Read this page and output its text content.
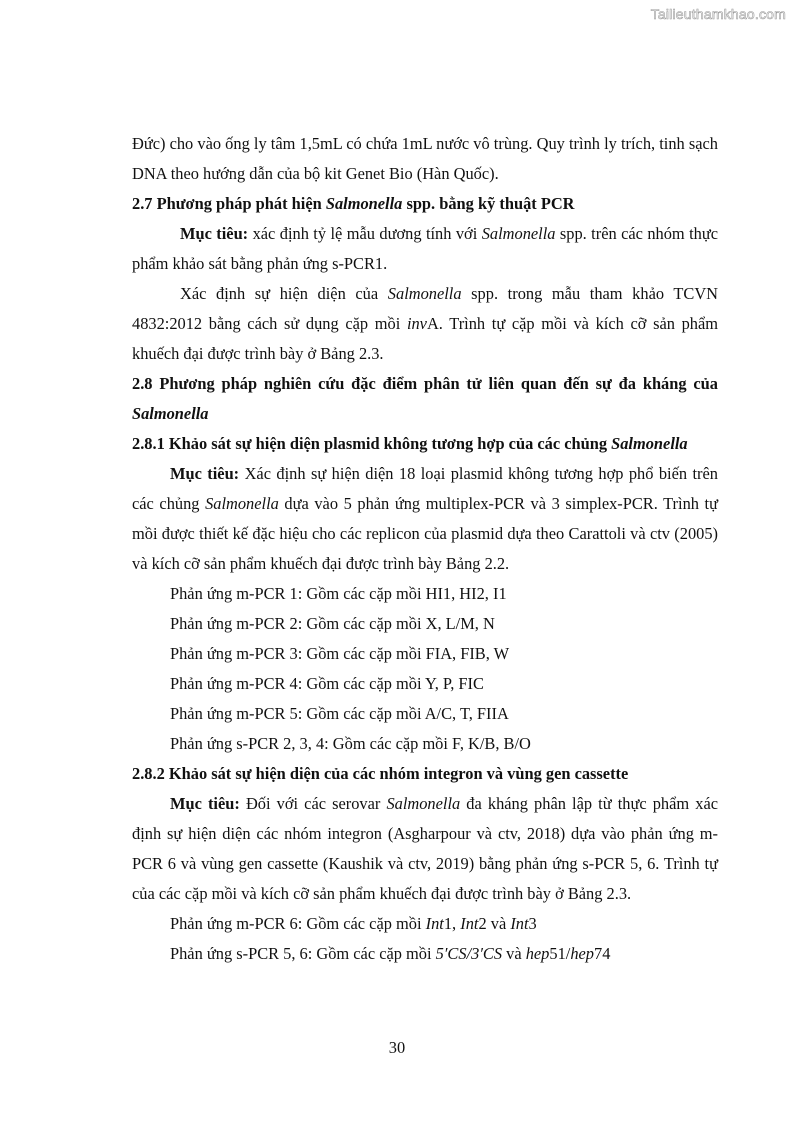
Tailieuthamkhao.com

Đức) cho vào ống ly tâm 1,5mL có chứa 1mL nước vô trùng. Quy trình ly trích, tinh sạch DNA theo hướng dẫn của bộ kit Genet Bio (Hàn Quốc).

2.7 Phương pháp phát hiện Salmonella spp. bằng kỹ thuật PCR

Mục tiêu: xác định tỷ lệ mẫu dương tính với Salmonella spp. trên các nhóm thực phẩm khảo sát bằng phản ứng s-PCR1.

Xác định sự hiện diện của Salmonella spp. trong mẫu tham khảo TCVN 4832:2012 bằng cách sử dụng cặp mồi invA. Trình tự cặp mồi và kích cỡ sản phẩm khuếch đại được trình bày ở Bảng 2.3.

2.8 Phương pháp nghiên cứu đặc điểm phân tử liên quan đến sự đa kháng của Salmonella

2.8.1 Khảo sát sự hiện diện plasmid không tương hợp của các chủng Salmonella

Mục tiêu: Xác định sự hiện diện 18 loại plasmid không tương hợp phổ biến trên các chủng Salmonella dựa vào 5 phản ứng multiplex-PCR và 3 simplex-PCR. Trình tự mồi được thiết kế đặc hiệu cho các replicon của plasmid dựa theo Carattoli và ctv (2005) và kích cỡ sản phẩm khuếch đại được trình bày Bảng 2.2.

Phản ứng m-PCR 1: Gồm các cặp mồi HI1, HI2, I1

Phản ứng m-PCR 2: Gồm các cặp mồi X, L/M, N

Phản ứng m-PCR 3: Gồm các cặp mồi FIA, FIB, W

Phản ứng m-PCR 4: Gồm các cặp mồi Y, P, FIC

Phản ứng m-PCR 5: Gồm các cặp mồi A/C, T, FIIA

Phản ứng s-PCR 2, 3, 4: Gồm các cặp mồi F, K/B, B/O

2.8.2 Khảo sát sự hiện diện của các nhóm integron và vùng gen cassette

Mục tiêu: Đối với các serovar Salmonella đa kháng phân lập từ thực phẩm xác định sự hiện diện các nhóm integron (Asgharpour và ctv, 2018) dựa vào phản ứng m-PCR 6 và vùng gen cassette (Kaushik và ctv, 2019) bằng phản ứng s-PCR 5, 6. Trình tự của các cặp mồi và kích cỡ sản phẩm khuếch đại được trình bày ở Bảng 2.3.

Phản ứng m-PCR 6: Gồm các cặp mồi Int1, Int2 và Int3

Phản ứng s-PCR 5, 6: Gồm các cặp mồi 5′CS/3′CS và hep51/hep74

30
